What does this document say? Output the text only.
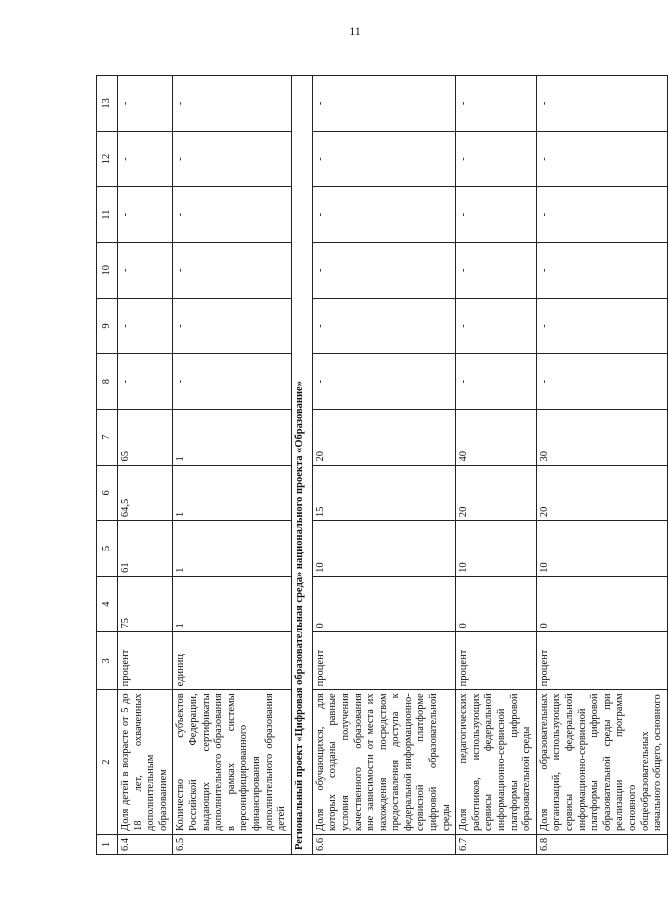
11
1	2	3	4	5	6	7	8	9	10	11	12	13
6.4	Доля детей в возрасте от 5 до 18 лет, охваченных дополнительным образованием	процент	75	61	64,5	65	-	-	-	-	-	-
6.5	Количество субъектов Российской Федерации, выдающих сертификаты дополнительного образования в рамках системы персонифицированного финансирования дополнительного образования детей	единиц	1	1	1	1	-	-	-	-	-	-
Региональный проект «Цифровая образовательная среда» национального проекта «Образование»												
6.6	Доля обучающихся, для которых созданы равные условия получения качественного образования вне зависимости от места их нахождения посредством предоставления доступа к федеральной информационно-сервисной платформе цифровой образовательной среды	процент	0	10	15	20	-	-	-	-	-	-
6.7	Доля педагогических работников, использующих сервисы федеральной информационно-сервисной платформы цифровой образовательной среды	процент	0	10	20	40	-	-	-	-	-	-
6.8	Доля образовательных организаций, использующих сервисы федеральной информационно-сервисной платформы цифровой образовательной среды при реализации программ основного общеобразовательных начального общего, основного	процент	0	10	20	30	-	-	-	-	-	-
